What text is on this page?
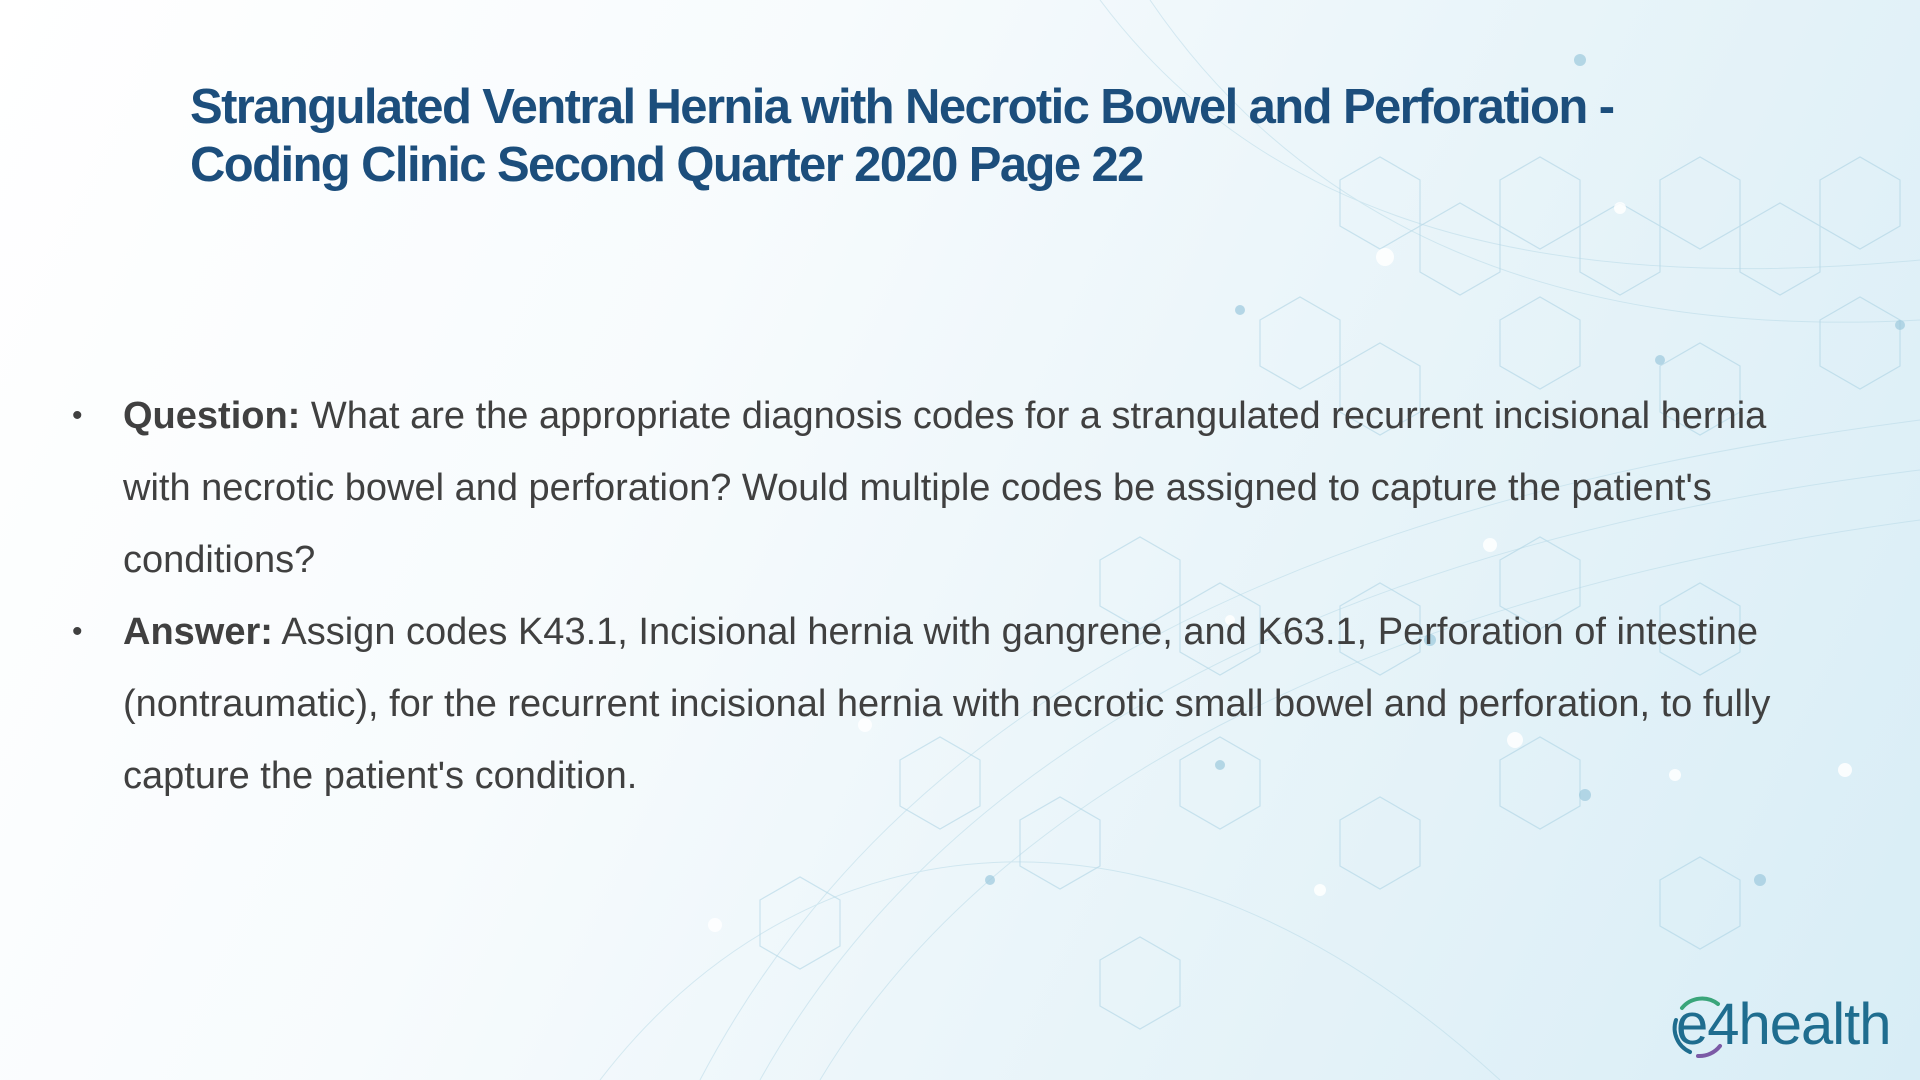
Strangulated Ventral Hernia with Necrotic Bowel and Perforation -
Coding Clinic Second Quarter 2020 Page 22
• Question: What are the appropriate diagnosis codes for a strangulated recurrent incisional hernia with necrotic bowel and perforation? Would multiple codes be assigned to capture the patient's conditions?
• Answer: Assign codes K43.1, Incisional hernia with gangrene, and K63.1, Perforation of intestine (nontraumatic), for the recurrent incisional hernia with necrotic small bowel and perforation, to fully capture the patient's condition.
e4health
